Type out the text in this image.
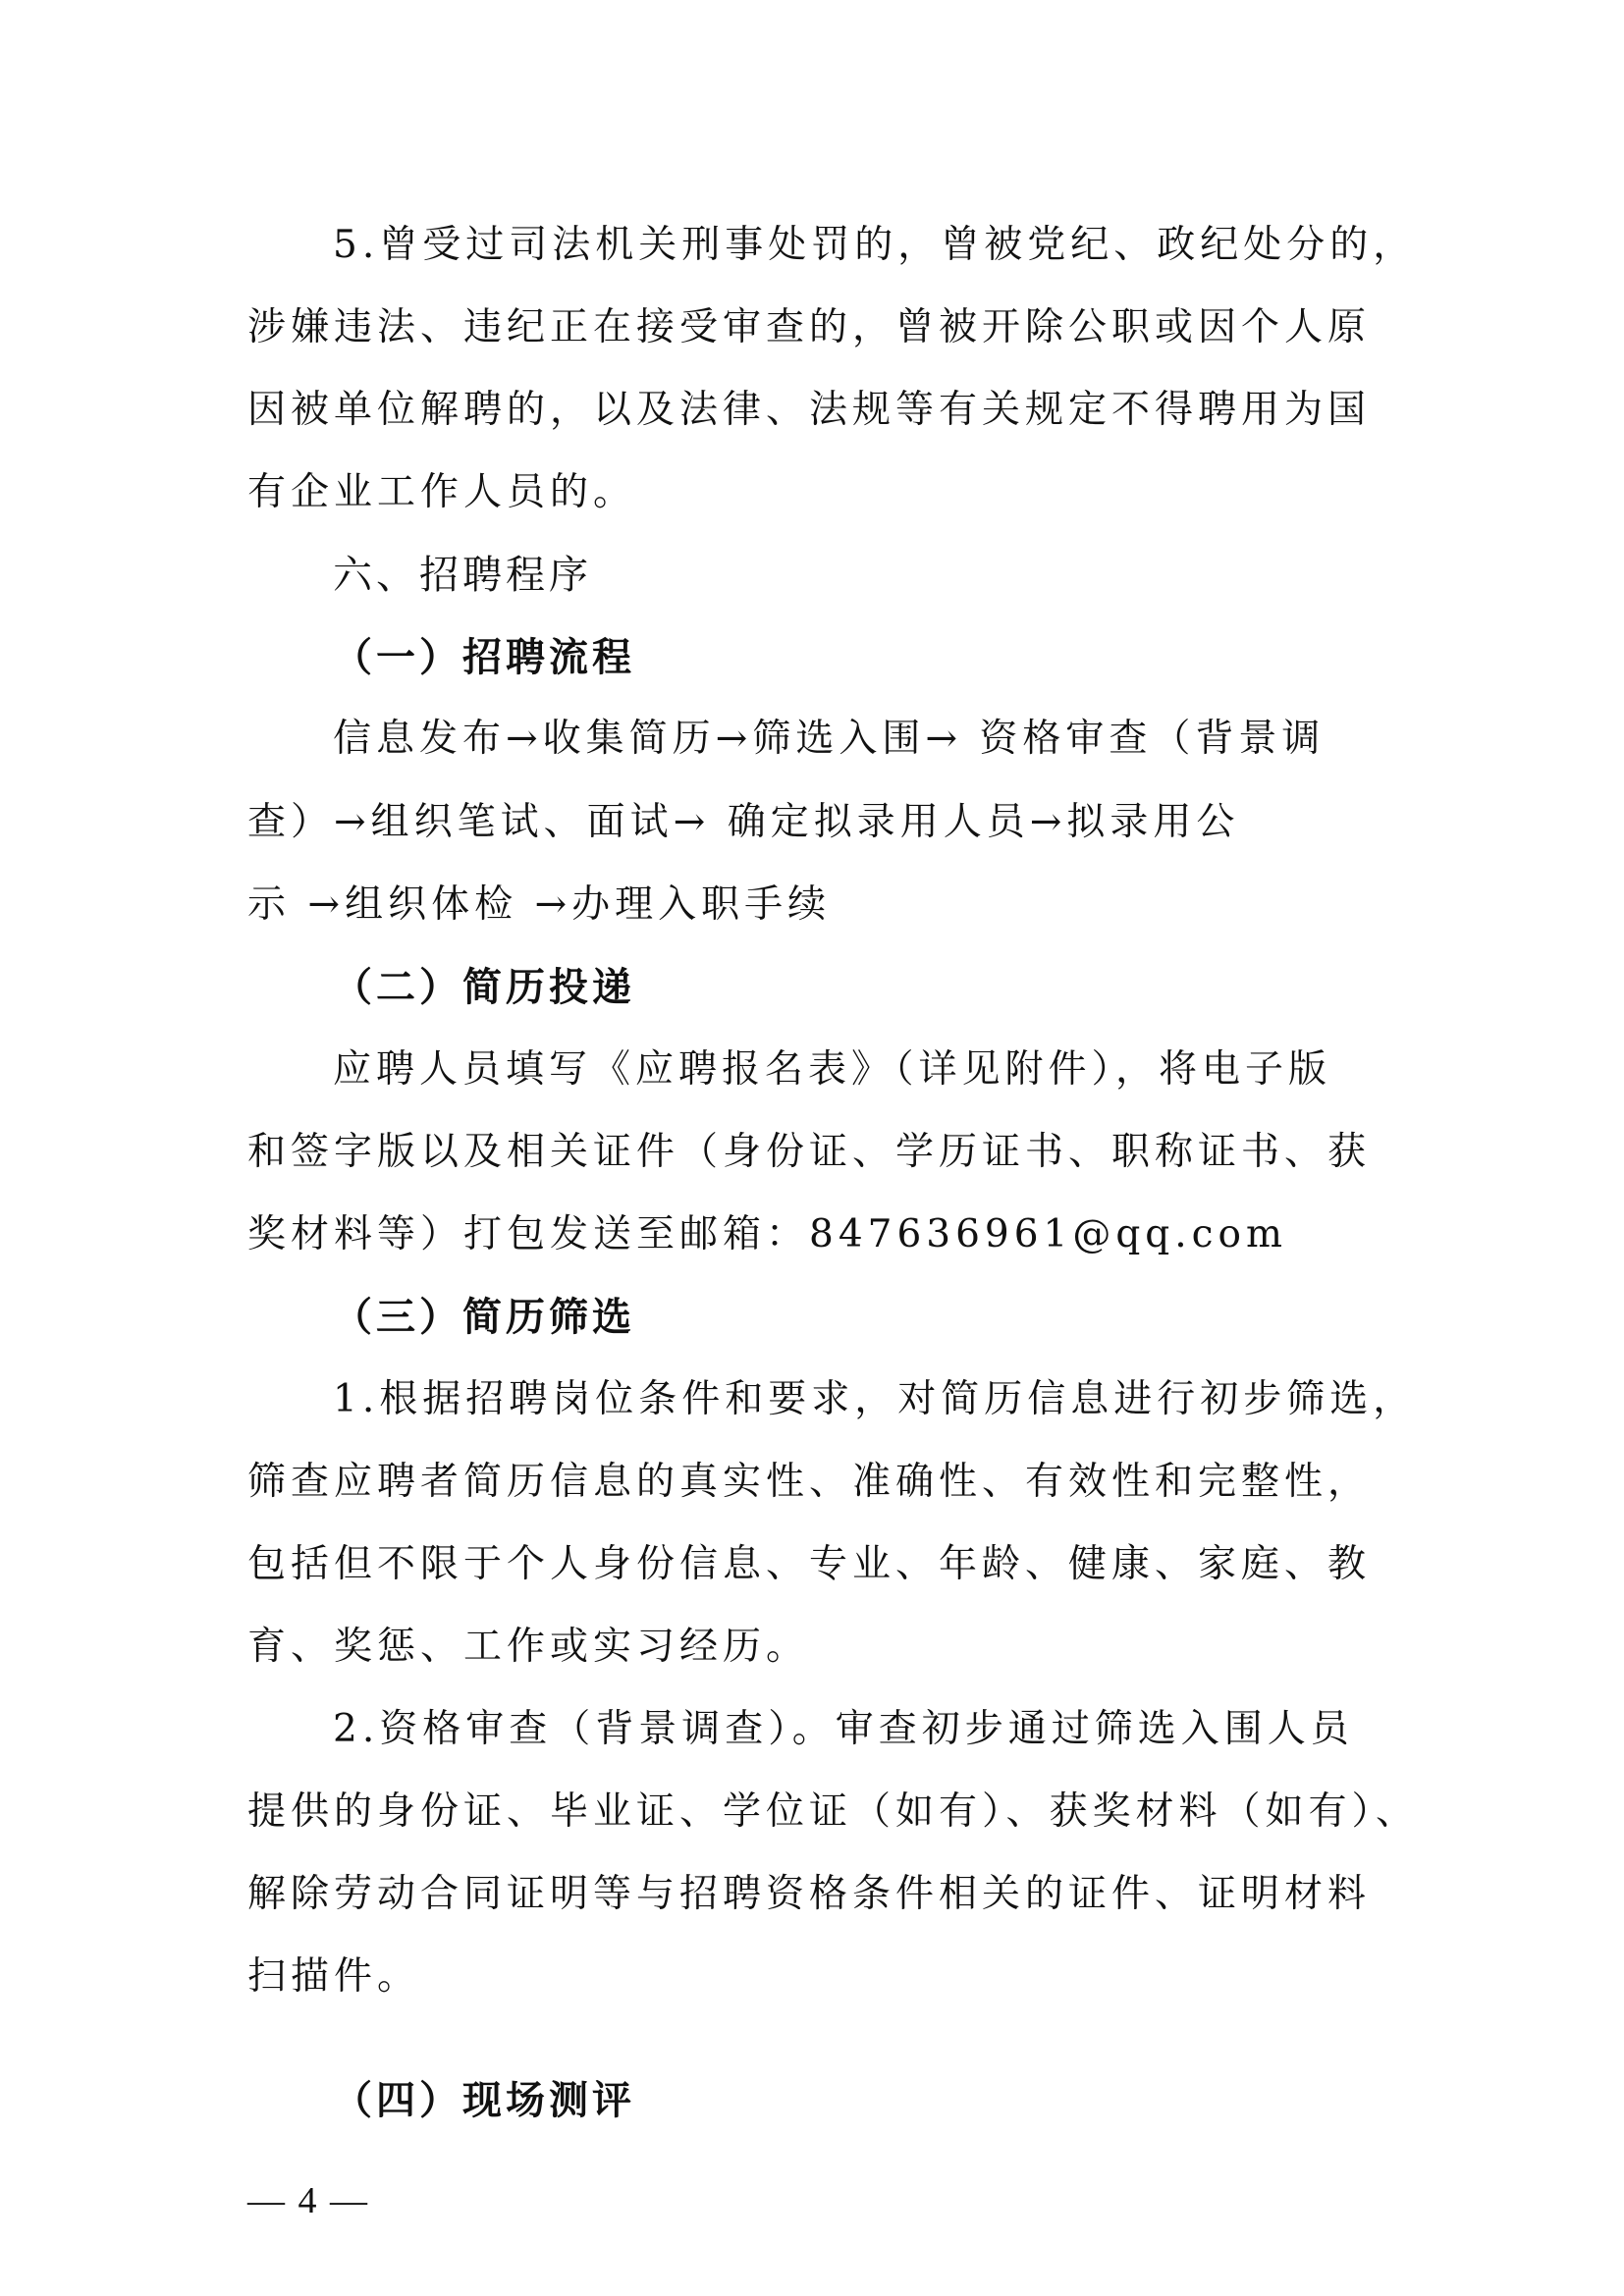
5.曾受过司法机关刑事处罚的，曾被党纪、政纪处分的，
涉嫌违法、违纪正在接受审查的，曾被开除公职或因个人原
因被单位解聘的，以及法律、法规等有关规定不得聘用为国
有企业工作人员的。
六、招聘程序
（一）招聘流程
信息发布→收集简历→筛选入围→ 资格审查（背景调
查）→组织笔试、面试→ 确定拟录用人员→拟录用公
示 →组织体检 →办理入职手续
（二）简历投递
应聘人员填写《应聘报名表》（详见附件），将电子版
和签字版以及相关证件（身份证、学历证书、职称证书、获
奖材料等）打包发送至邮箱：847636961@qq.com
（三）简历筛选
1.根据招聘岗位条件和要求，对简历信息进行初步筛选，
筛查应聘者简历信息的真实性、准确性、有效性和完整性，
包括但不限于个人身份信息、专业、年龄、健康、家庭、教
育、奖惩、工作或实习经历。
2.资格审查（背景调查）。审查初步通过筛选入围人员
提供的身份证、毕业证、学位证（如有）、获奖材料（如有）、
解除劳动合同证明等与招聘资格条件相关的证件、证明材料
扫描件。
（四）现场测评
— 4 —
